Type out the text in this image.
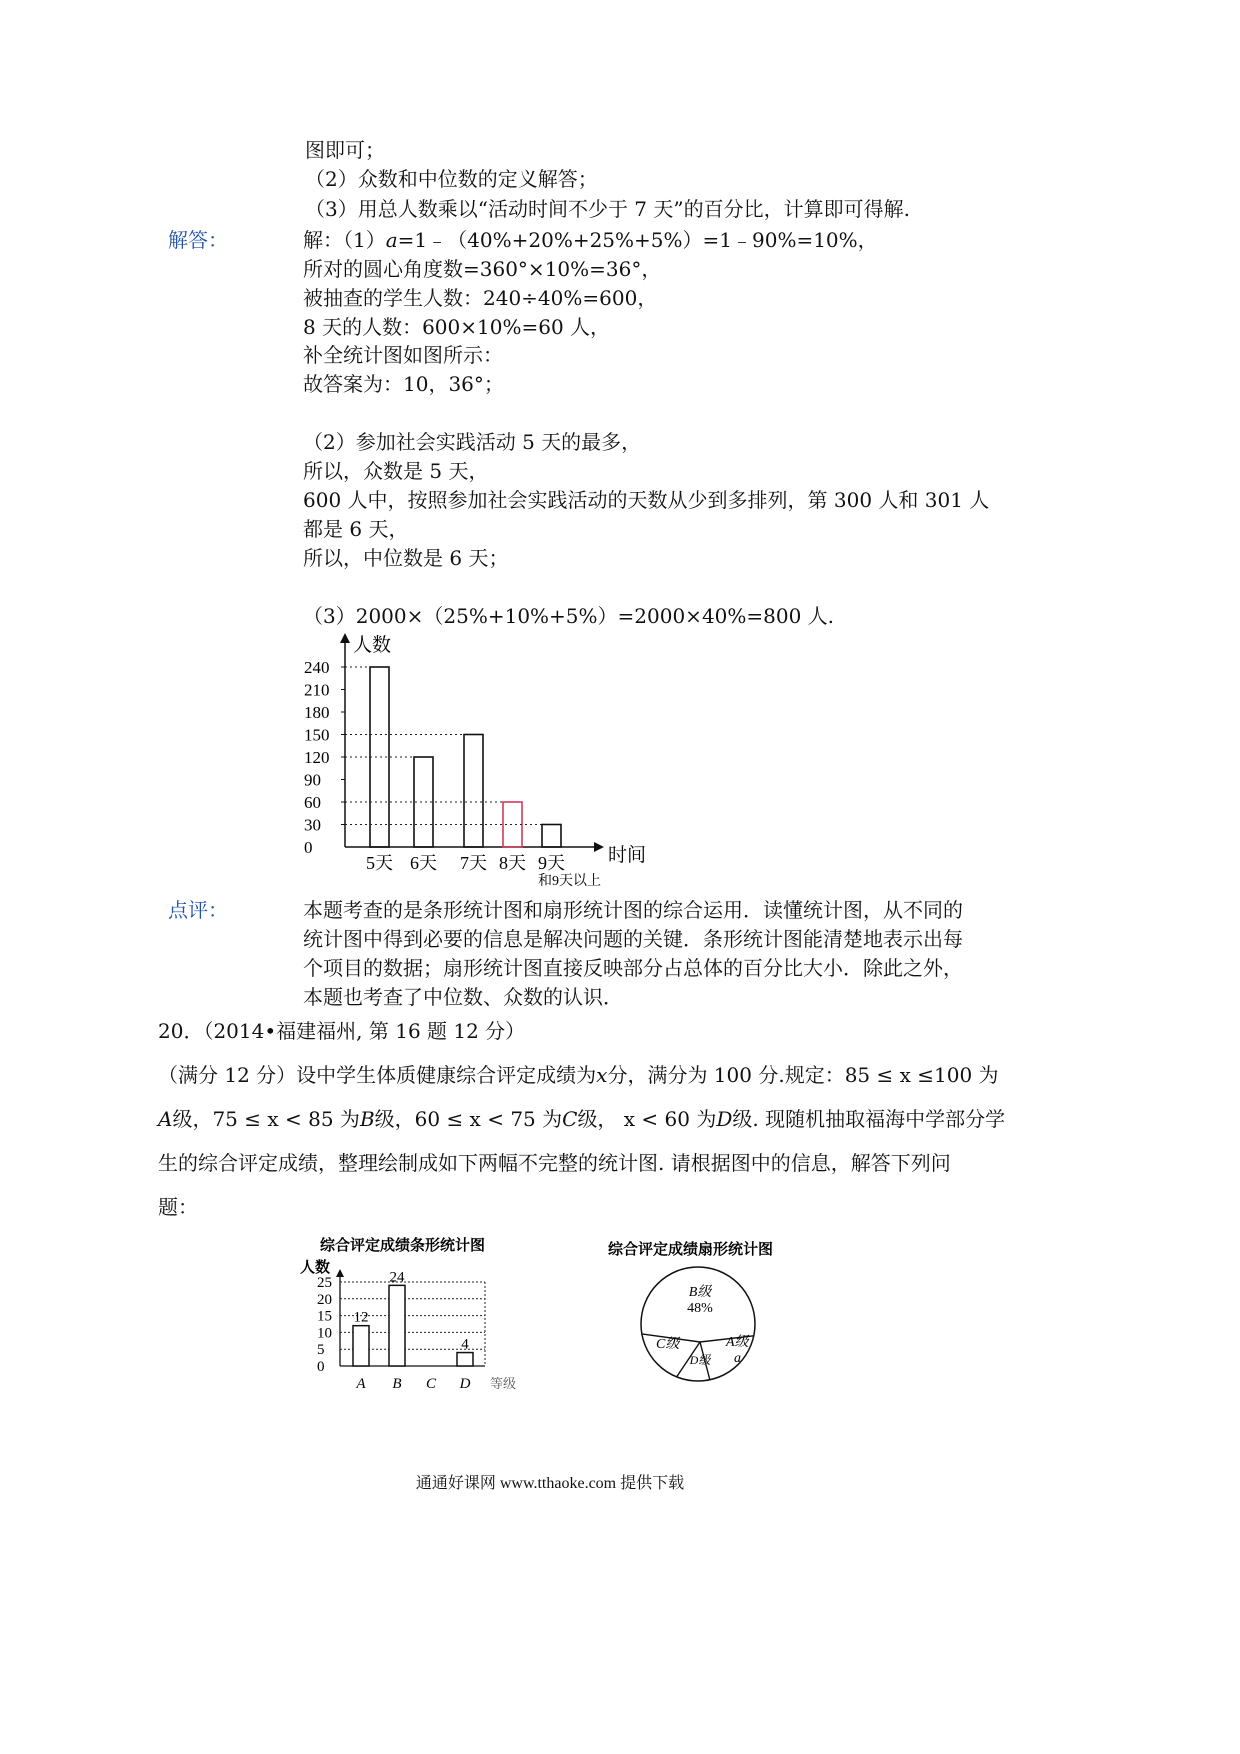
图即可；
（2）众数和中位数的定义解答；
（3）用总人数乘以“活动时间不少于 7 天”的百分比，计算即可得解.
解答：	解：（1）a=1﹣（40%+20%+25%+5%）=1﹣90%=10%，
所对的圆心角度数=360°×10%=36°，
被抽查的学生人数：240÷40%=600，
8 天的人数：600×10%=60 人，
补全统计图如图所示：
故答案为：10，36°；
（2）参加社会实践活动 5 天的最多，
所以，众数是 5 天，
600 人中，按照参加社会实践活动的天数从少到多排列，第 300 人和 301 人
都是 6 天，
所以，中位数是 6 天；
（3）2000×（25%+10%+5%）=2000×40%=800 人.
人数
时间
0
30
60
90
120
150
180
210
240
5天 6天 7天 8天 9天
和9天以上
点评：	本题考查的是条形统计图和扇形统计图的综合运用．读懂统计图，从不同的
统计图中得到必要的信息是解决问题的关键．条形统计图能清楚地表示出每
个项目的数据；扇形统计图直接反映部分占总体的百分比大小．除此之外，
本题也考查了中位数、众数的认识．
20．（2014•福建福州, 第 16 题 12 分）
（满分 12 分）设中学生体质健康综合评定成绩为x分，满分为 100 分.规定：85 ≤ x ≤100 为
A级，75 ≤ x < 85 为B级，60 ≤ x < 75 为C级， x < 60 为D级. 现随机抽取福海中学部分学
生的综合评定成绩，整理绘制成如下两幅不完整的统计图. 请根据图中的信息，解答下列问
题：
综合评定成绩条形统计图
人数
等级
0
5
10
15
20
25
12
A
24
B C
4
D
综合评定成绩扇形统计图
B级
48%
A级
a
C级
D级
通通好课网 www.tthaoke.com 提供下载
